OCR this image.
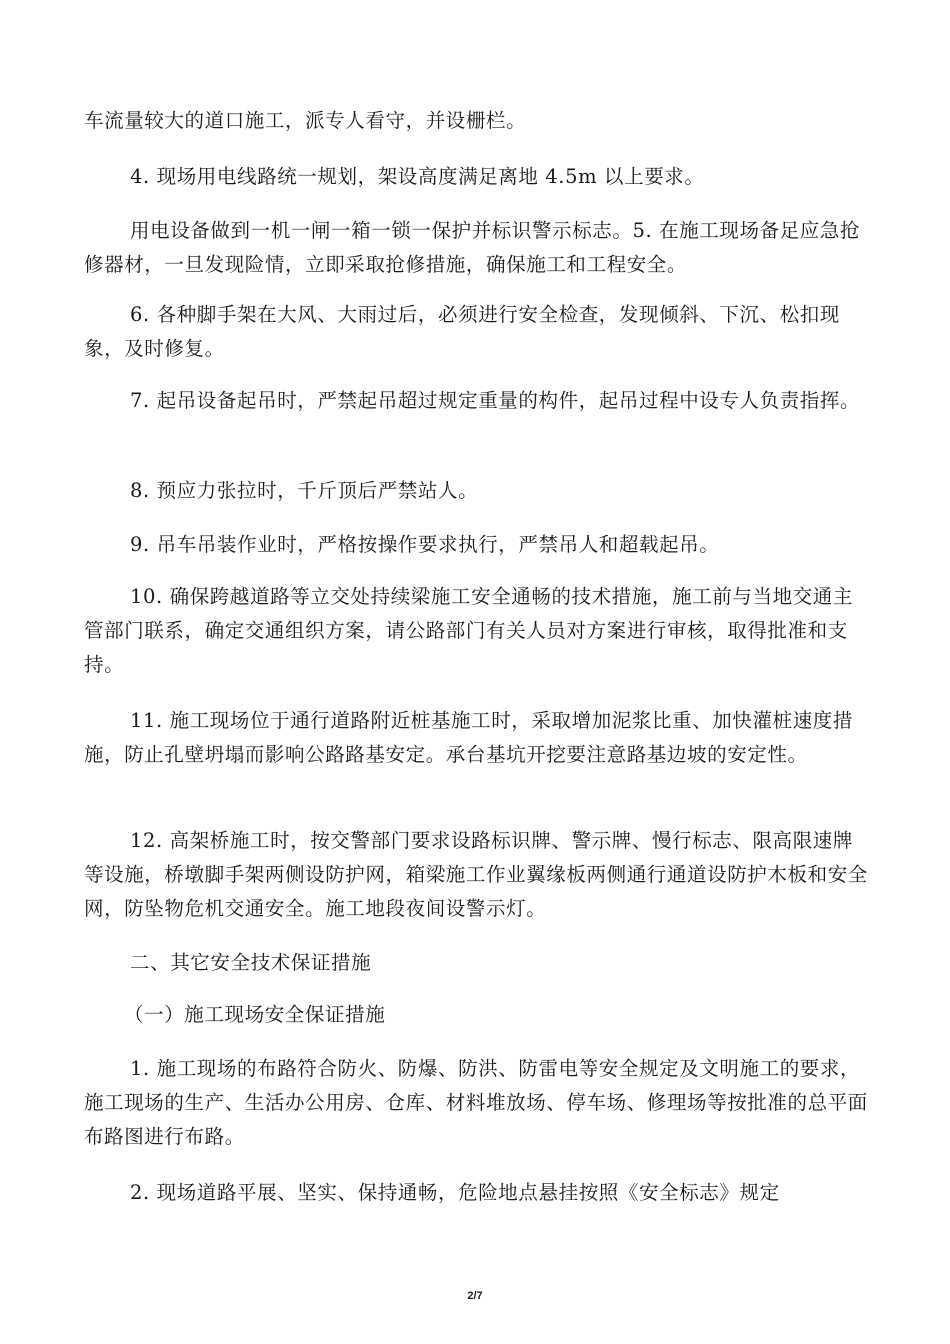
车流量较大的道口施工，派专人看守，并设栅栏。

4. 现场用电线路统一规划，架设高度满足离地 4.5m 以上要求。

用电设备做到一机一闸一箱一锁一保护并标识警示标志。5. 在施工现场备足应急抢修器材，一旦发现险情，立即采取抢修措施，确保施工和工程安全。

6. 各种脚手架在大风、大雨过后，必须进行安全检查，发现倾斜、下沉、松扣现象，及时修复。

7. 起吊设备起吊时，严禁起吊超过规定重量的构件，起吊过程中设专人负责指挥。

8. 预应力张拉时，千斤顶后严禁站人。

9. 吊车吊装作业时，严格按操作要求执行，严禁吊人和超载起吊。

10. 确保跨越道路等立交处持续梁施工安全通畅的技术措施，施工前与当地交通主管部门联系，确定交通组织方案，请公路部门有关人员对方案进行审核，取得批准和支持。

11. 施工现场位于通行道路附近桩基施工时，采取增加泥浆比重、加快灌桩速度措施，防止孔壁坍塌而影响公路路基安定。承台基坑开挖要注意路基边坡的安定性。

12. 高架桥施工时，按交警部门要求设路标识牌、警示牌、慢行标志、限高限速牌等设施，桥墩脚手架两侧设防护网，箱梁施工作业翼缘板两侧通行通道设防护木板和安全网，防坠物危机交通安全。施工地段夜间设警示灯。

二、其它安全技术保证措施

（一）施工现场安全保证措施

1. 施工现场的布路符合防火、防爆、防洪、防雷电等安全规定及文明施工的要求，施工现场的生产、生活办公用房、仓库、材料堆放场、停车场、修理场等按批准的总平面布路图进行布路。

2. 现场道路平展、坚实、保持通畅，危险地点悬挂按照《安全标志》规定

2/7
